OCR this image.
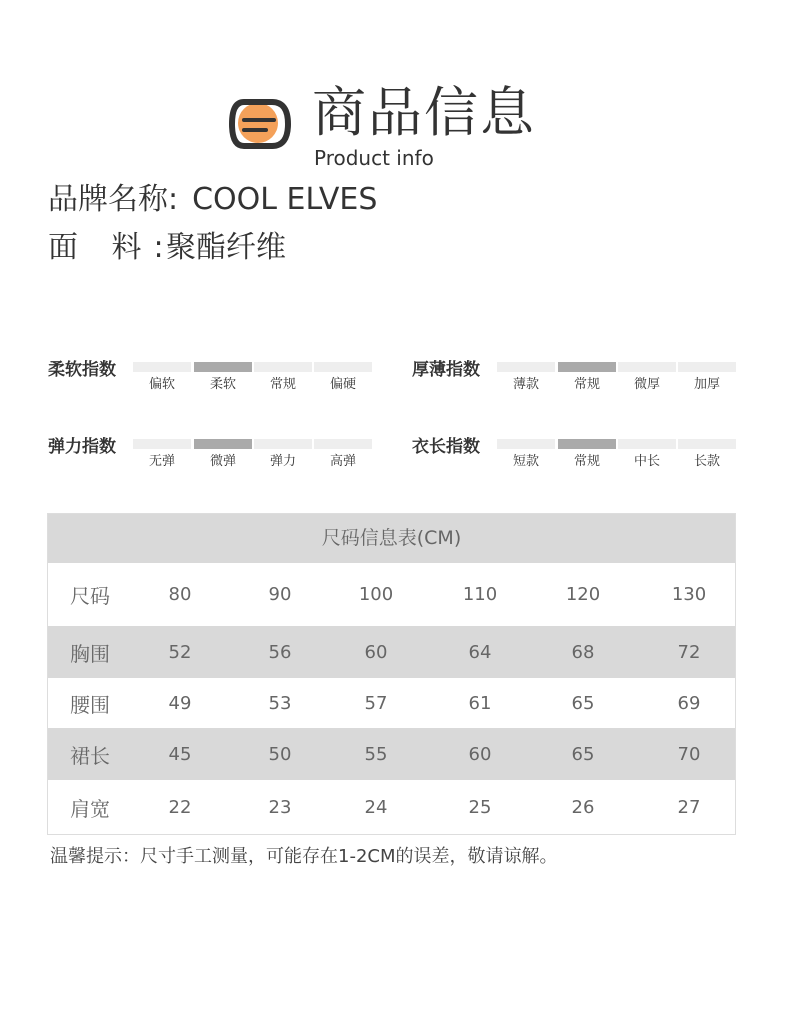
商品信息
Product info
品牌名称: COOL ELVES
面 料:
聚酯纤维
柔软指数
偏软	柔软	常规	偏硬
厚薄指数
薄款	常规	微厚	加厚
弹力指数
无弹	微弹	弹力	高弹
衣长指数
短款	常规	中长	长款
尺码信息表(CM)
尺码	80	90	100	110	120	130
胸围	52	56	60	64	68	72
腰围	49	53	57	61	65	69
裙长	45	50	55	60	65	70
肩宽	22	23	24	25	26	27
温馨提示：尺寸手工测量，可能存在1-2CM的误差，敬请谅解。
